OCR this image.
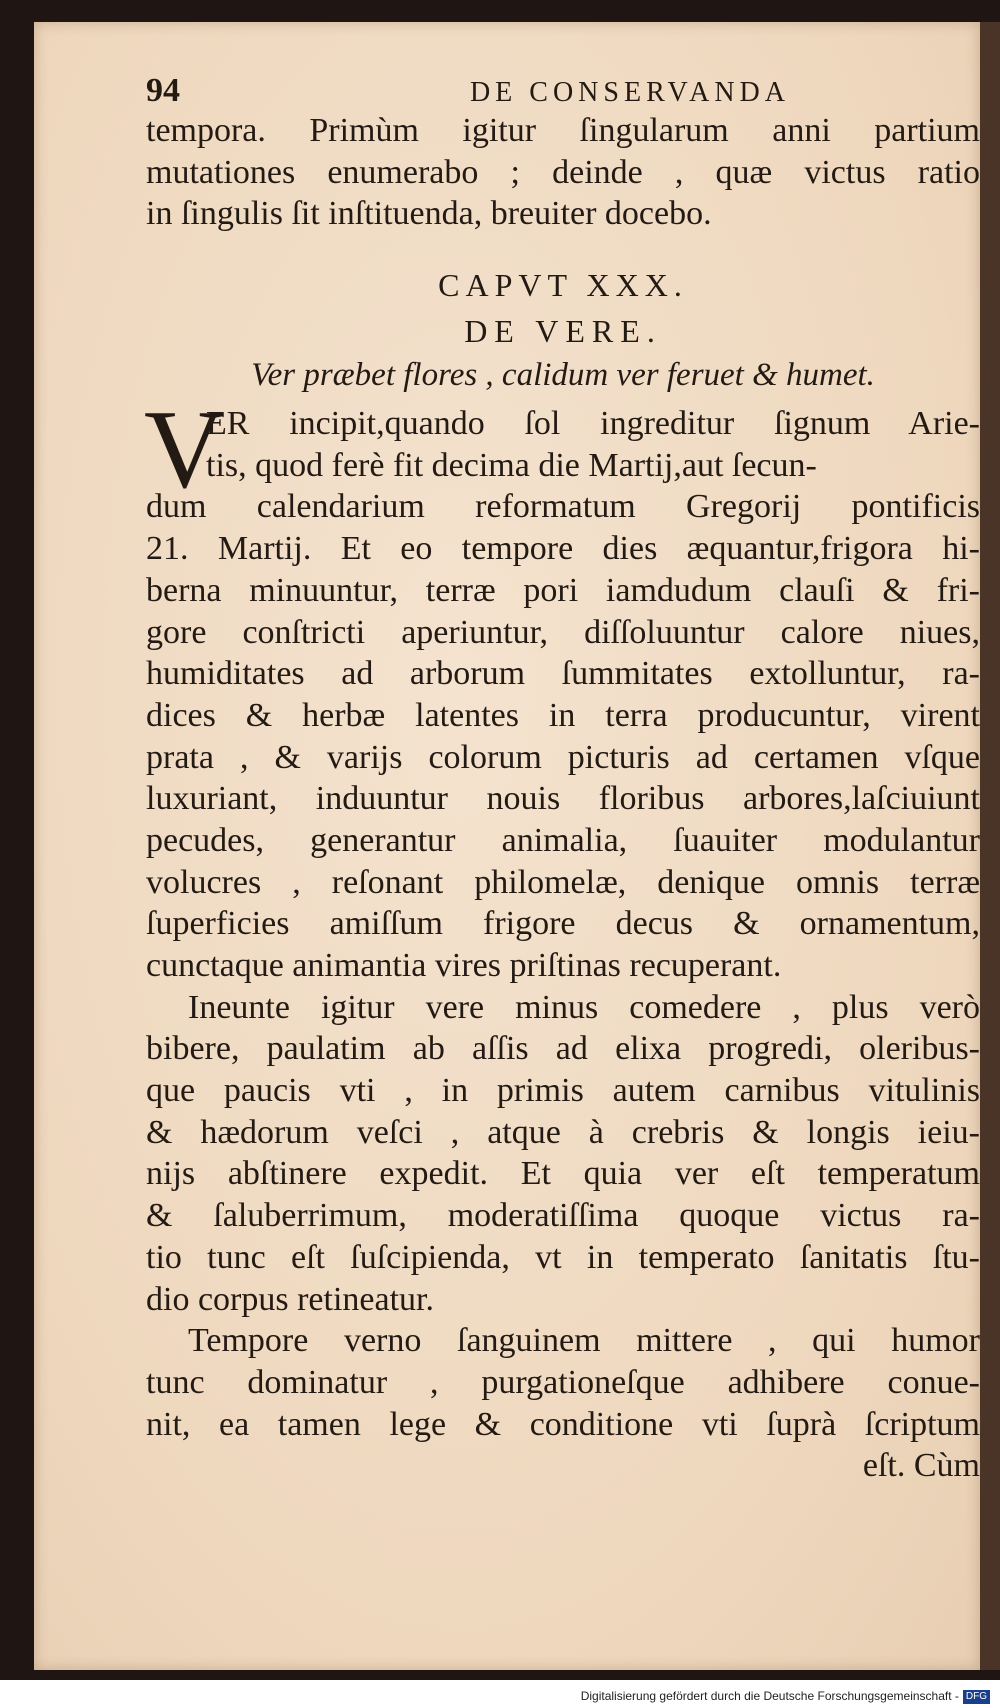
94	DE CONSERVANDA
tempora. Primùm igitur ſingularum anni partium
mutationes enumerabo ; deinde , quæ victus ratio
in ſingulis ſit inſtituenda, breuiter docebo.
CAPVT XXX.
DE VERE.
Ver præbet flores , calidum ver feruet & humet.
V
ER incipit,quando ſol ingreditur ſignum Arie-
tis, quod ferè fit decima die Martij,aut ſecun-
dum calendarium reformatum Gregorij pontificis
21. Martij. Et eo tempore dies æquantur,frigora hi-
berna minuuntur, terræ pori iamdudum clauſi & fri-
gore conſtricti aperiuntur, diſſoluuntur calore niues,
humiditates ad arborum ſummitates extolluntur, ra-
dices & herbæ latentes in terra producuntur, virent
prata , & varijs colorum picturis ad certamen vſque
luxuriant, induuntur nouis floribus arbores,laſciuiunt
pecudes, generantur animalia, ſuauiter modulantur
volucres , reſonant philomelæ, denique omnis terræ
ſuperficies amiſſum frigore decus & ornamentum,
cunctaque animantia vires priſtinas recuperant.
Ineunte igitur vere minus comedere , plus verò
bibere, paulatim ab aſſis ad elixa progredi, oleribus-
que paucis vti , in primis autem carnibus vitulinis
& hædorum veſci , atque à crebris & longis ieiu-
nijs abſtinere expedit. Et quia ver eſt temperatum
& ſaluberrimum, moderatiſſima quoque victus ra-
tio tunc eſt ſuſcipienda, vt in temperato ſanitatis ſtu-
dio corpus retineatur.
Tempore verno ſanguinem mittere , qui humor
tunc dominatur , purgationeſque adhibere conue-
nit, ea tamen lege & conditione vti ſuprà ſcriptum
eſt. Cùm
Digitalisierung gefördert durch die Deutsche Forschungsgemeinschaft - DFG
